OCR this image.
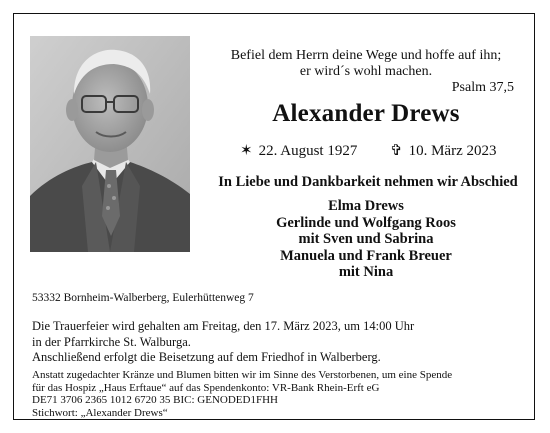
Befiel dem Herrn deine Wege und hoffe auf ihn;
er wird´s wohl machen.
Psalm 37,5
Alexander Drews
✶ 22. August 1927 ✞ 10. März 2023
In Liebe und Dankbarkeit nehmen wir Abschied
Elma Drews
Gerlinde und Wolfgang Roos
mit Sven und Sabrina
Manuela und Frank Breuer
mit Nina
53332 Bornheim-Walberberg, Eulerhüttenweg 7
Die Trauerfeier wird gehalten am Freitag, den 17. März 2023, um 14:00 Uhr
in der Pfarrkirche St. Walburga.
Anschließend erfolgt die Beisetzung auf dem Friedhof in Walberberg.
Anstatt zugedachter Kränze und Blumen bitten wir im Sinne des Verstorbenen, um eine Spende
für das Hospiz „Haus Erftaue“ auf das Spendenkonto: VR-Bank Rhein-Erft eG
DE71 3706 2365 1012 6720 35 BIC: GENODED1FHH
Stichwort: „Alexander Drews“
